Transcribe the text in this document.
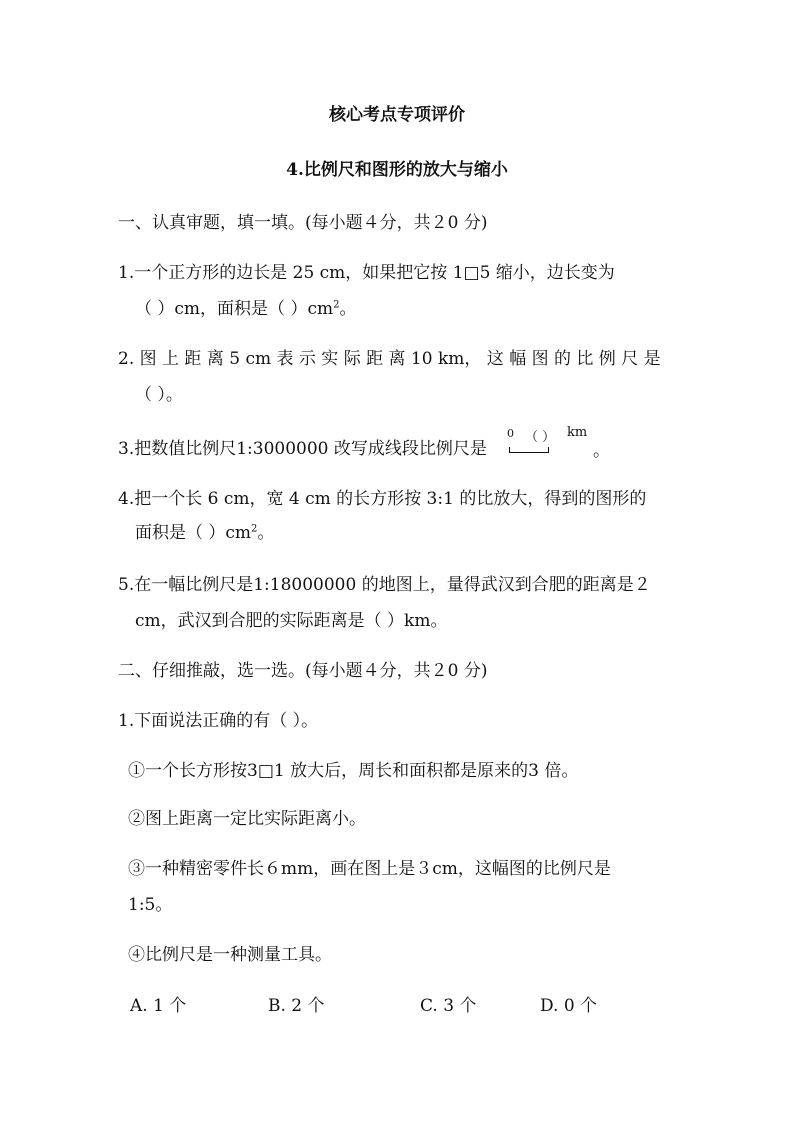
核心考点专项评价
4.比例尺和图形的放大与缩小
一、认真审题，填一填。(每小题４分，共２0 分)
1.一个正方形的边长是 25 cm，如果把它按 1□5 缩小，边长变为
（ ）cm，面积是（ ）$cm^2$。
2. 图 上 距 离 5 cm 表 示 实 际 距 离 10 km， 这 幅 图 的 比 例 尺 是
（ ）。
3.把数值比例尺1:3000000 改写成线段比例尺是
0 （ ） km
。
4.把一个长 6 cm，宽 4 cm 的长方形按 3:1 的比放大，得到的图形的
面积是（ ）$cm^2$。
5.在一幅比例尺是1:18000000 的地图上，量得武汉到合肥的距离是２
cm，武汉到合肥的实际距离是（ ）km。
二、仔细推敲，选一选。(每小题４分，共２0 分)
1.下面说法正确的有（ ）。
①一个长方形按3□1 放大后，周长和面积都是原来的3 倍。
②图上距离一定比实际距离小。
③一种精密零件长６mm，画在图上是３cm，这幅图的比例尺是
1:5。
④比例尺是一种测量工具。
A. 1 个	B. 2 个	C. 3 个	D. 0 个
